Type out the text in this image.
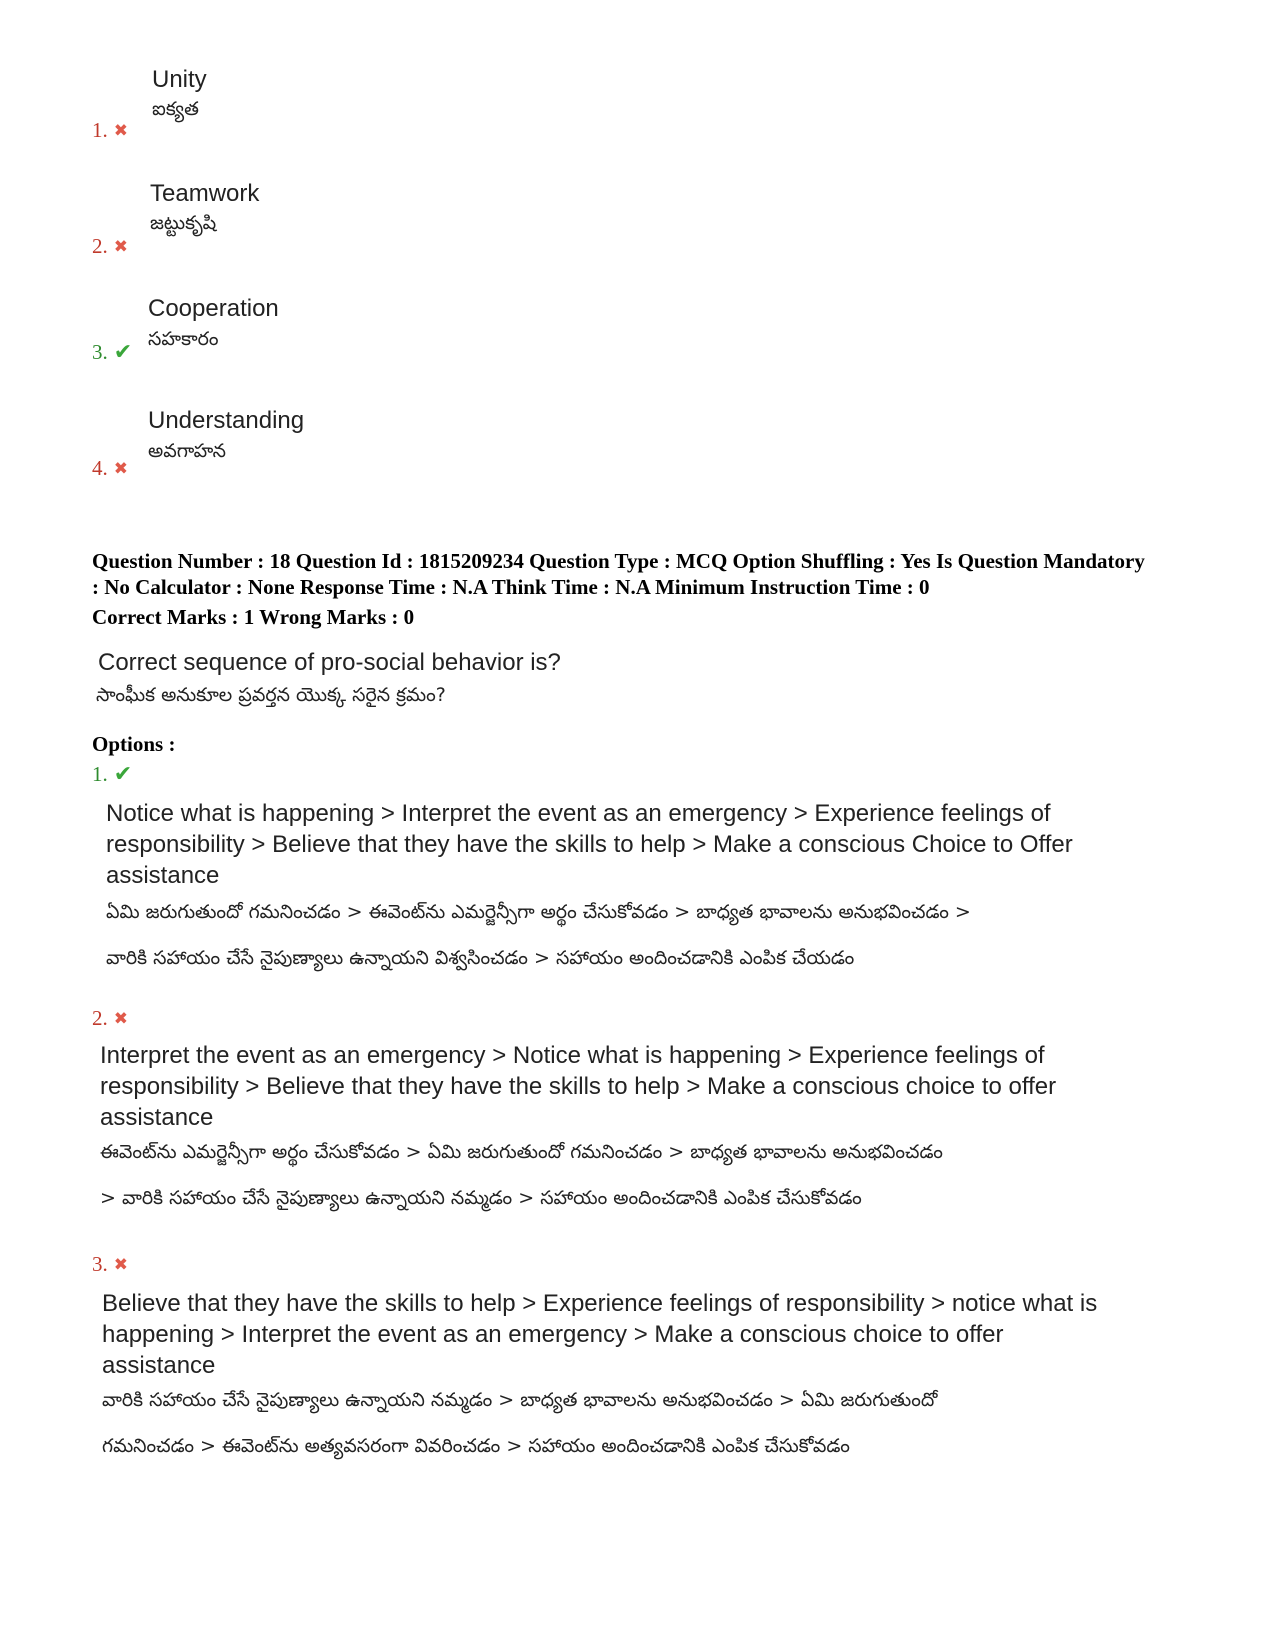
Unity
ఐక్యత
1. ✖
Teamwork
జట్టుకృషి
2. ✖
Cooperation
సహకారం
3. ✔
Understanding
అవగాహన
4. ✖
Question Number : 18 Question Id : 1815209234 Question Type : MCQ Option Shuffling : Yes Is Question Mandatory : No Calculator : None Response Time : N.A Think Time : N.A Minimum Instruction Time : 0
Correct Marks : 1 Wrong Marks : 0
Correct sequence of pro-social behavior is?
సాంఘీక అనుకూల ప్రవర్తన యొక్క సరైన క్రమం?
Options :
1. ✔
Notice what is happening > Interpret the event as an emergency > Experience feelings of responsibility > Believe that they have the skills to help > Make a conscious Choice to Offer assistance
ఏమి జరుగుతుందో గమనించడం > ఈవెంట్‌ను ఎమర్జెన్సీగా అర్థం చేసుకోవడం > బాధ్యత భావాలను అనుభవించడం >
వారికి సహాయం చేసే నైపుణ్యాలు ఉన్నాయని విశ్వసించడం > సహాయం అందించడానికి ఎంపిక చేయడం
2. ✖
Interpret the event as an emergency > Notice what is happening > Experience feelings of responsibility > Believe that they have the skills to help > Make a conscious choice to offer assistance
ఈవెంట్‌ను ఎమర్జెన్సీగా అర్థం చేసుకోవడం > ఏమి జరుగుతుందో గమనించడం > బాధ్యత భావాలను అనుభవించడం
> వారికి సహాయం చేసే నైపుణ్యాలు ఉన్నాయని నమ్మడం > సహాయం అందించడానికి ఎంపిక చేసుకోవడం
3. ✖
Believe that they have the skills to help > Experience feelings of responsibility > notice what is happening > Interpret the event as an emergency > Make a conscious choice to offer assistance
వారికి సహాయం చేసే నైపుణ్యాలు ఉన్నాయని నమ్మడం > బాధ్యత భావాలను అనుభవించడం > ఏమి జరుగుతుందో
గమనించడం > ఈవెంట్‌ను అత్యవసరంగా వివరించడం > సహాయం అందించడానికి ఎంపిక చేసుకోవడం
